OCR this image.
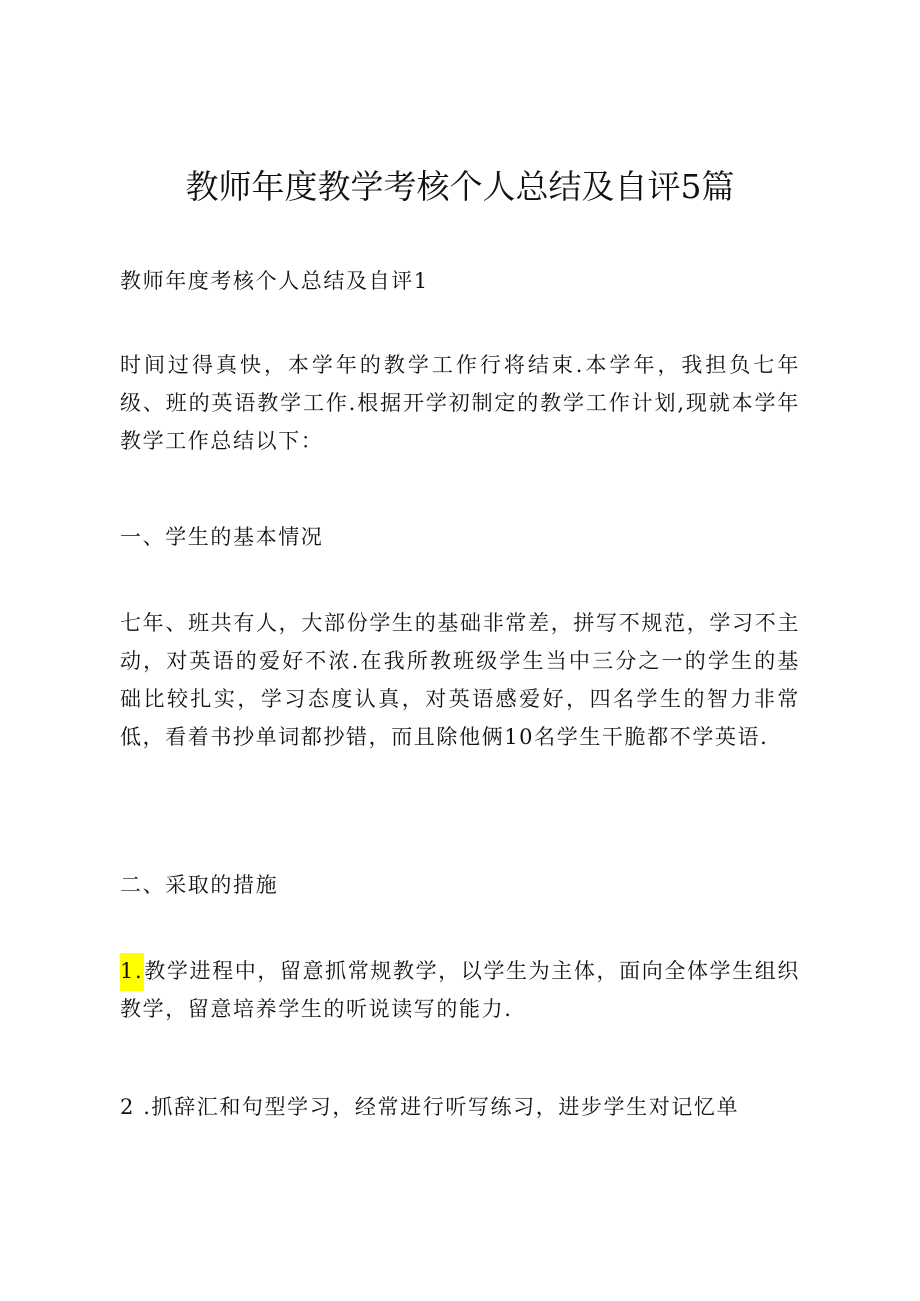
教师年度教学考核个人总结及自评5篇

教师年度考核个人总结及自评1

时间过得真快，本学年的教学工作行将结束.本学年，我担负七年级、班的英语教学工作.根据开学初制定的教学工作计划,现就本学年教学工作总结以下：

一、学生的基本情况

七年、班共有人，大部份学生的基础非常差，拼写不规范，学习不主动，对英语的爱好不浓.在我所教班级学生当中三分之一的学生的基础比较扎实，学习态度认真，对英语感爱好，四名学生的智力非常低，看着书抄单词都抄错，而且除他俩10名学生干脆都不学英语.

二、采取的措施

1.教学进程中，留意抓常规教学，以学生为主体，面向全体学生组织教学，留意培养学生的听说读写的能力.

2 .抓辞汇和句型学习，经常进行听写练习，进步学生对记忆单
